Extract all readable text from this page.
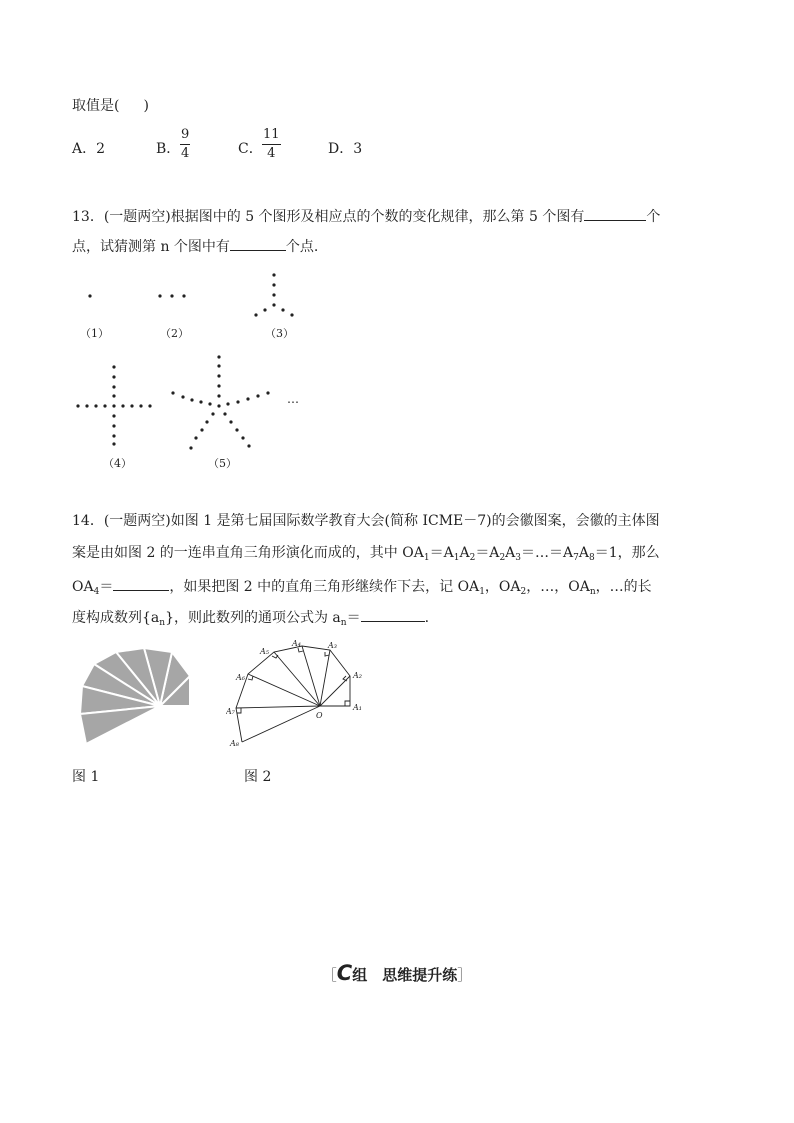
取值是( )
A．2	B． $\frac{9}{4}$	C． $\frac{11}{4}$	D．3
13．(一题两空)根据图中的 5 个图形及相应点的个数的变化规律，那么第 5 个图有	个
点，试猜测第 n 个图中有	个点.
（1）	（2）	（3）
（4）	（5）
…
14．(一题两空)如图 1 是第七届国际数学教育大会(简称 ICME－7)的会徽图案，会徽的主体图
案是由如图 2 的一连串直角三角形演化而成的，其中 $OA_1=A_1A_2=A_2A_3=\dots=A_7A_8=1$，那么
$OA_4=$	，如果把图 2 中的直角三角形继续作下去，记 $OA_1$，$OA_2$，…，$OA_n$，…的长
度构成数列$\{a_n\}$，则此数列的通项公式为 $a_n=$	.
O
A₁
A₂
A₃
A₄
A₅
A₆
A₇
A₈
图 1	图 2
［C组　思维提升练］
